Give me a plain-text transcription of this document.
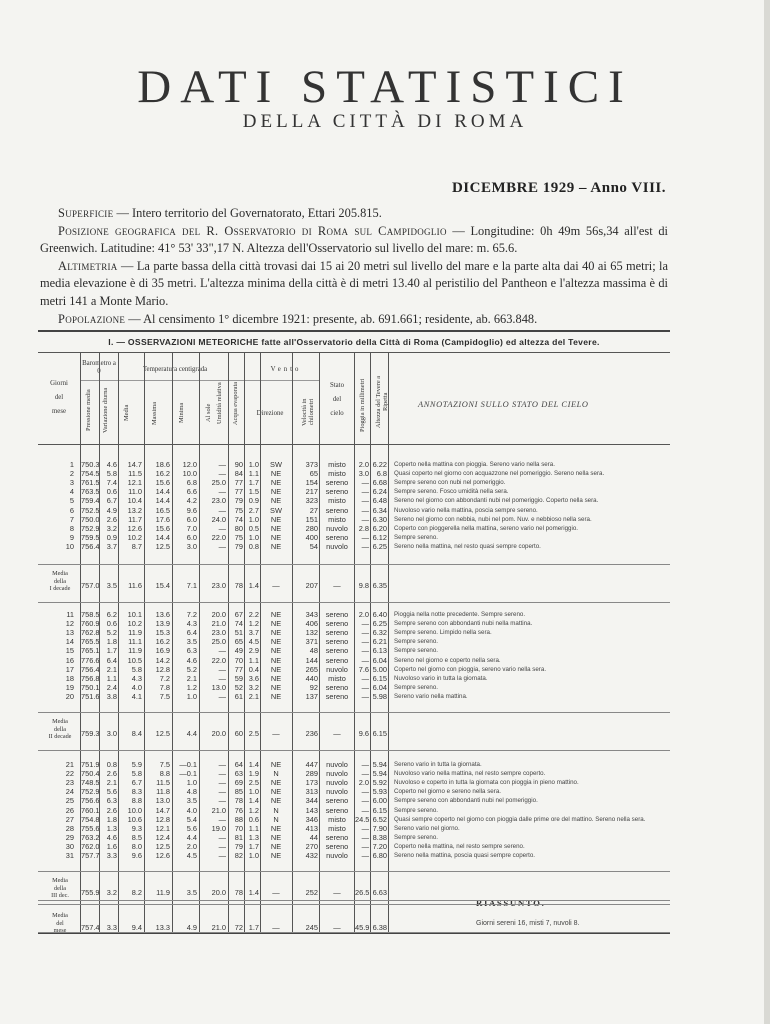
DATI STATISTICI
DELLA CITTÀ DI ROMA
DICEMBRE 1929 – Anno VIII.

Superficie — Intero territorio del Governatorato, Ettari 205.815.

Posizione geografica del R. Osservatorio di Roma sul Campidoglio — Longitudine: 0h 49m 56s,34 all'est di Greenwich. Latitudine: 41° 53' 33",17 N. Altezza dell'Osservatorio sul livello del mare: m. 65.6.

Altimetria — La parte bassa della città trovasi dai 15 ai 20 metri sul livello del mare e la parte alta dai 40 ai 65 metri; la media elevazione è di 35 metri. L'altezza minima della città è di metri 13.40 al peristilio del Pantheon e l'altezza massima è di metri 141 a Monte Mario.

Popolazione — Al censimento 1° dicembre 1921: presente, ab. 691.661; residente, ab. 663.848.

I. — OSSERVAZIONI METEORICHE fatte all'Osservatorio della Città di Roma (Campidoglio) ed altezza del Tevere.
Giorni
del
mese
Barometro a 0
Pressione media Variazione diurna
Temperatura centigrada
Media	Massima	Minima	Al sole Umidità relativa Acqua evaporata
Vento
Direzione	Velocità in chilometri
Stato
del
cielo	Pioggia in millimetri Altezza del Tevere a Ripetta	ANNOTAZIONI SULLO STATO DEL CIELO
RIASSUNTO.
Giorni sereni 16, misti 7, nuvoli 8.
1 750.3 4.6	14.7	18.6	12.0	—	90 1.0	SW	373	misto	2.0 6.22 Coperto nella mattina con pioggia. Sereno vario nella sera.
2 754.5 5.8	11.5	16.2	10.0	—	84 1.1	NE	65	misto	3.0	6.8 Quasi coperto nel giorno con acquazzone nel pomeriggio. Sereno nella sera.
3 761.5 7.4	12.1	15.6	6.8	25.0	77 1.7	NE	154	sereno	— 6.68 Sempre sereno con nubi nel pomeriggio.
4 763.5 0.6	11.0	14.4	6.6	—	77 1.5	NE	217	sereno	— 6.24 Sempre sereno. Fosco umidità nella sera.
5 759.4 6.7	10.4	14.4	4.2	23.0	79 0.9	NE	323	misto	— 6.48 Sereno nel giorno con abbondanti nubi nel pomeriggio. Coperto nella sera.
6 752.5 4.9	13.2	16.5	9.6	—	75 2.7	SW	27	sereno	— 6.34 Nuvoloso vario nella mattina, poscia sempre sereno.
7 750.0 2.6	11.7	17.6	6.0	24.0	74 1.0	NE	151	misto	— 6.30 Sereno nel giorno con nebbia, nubi nel pom. Nuv. e nebbioso nella sera.
8 752.9 3.2	12.6	15.6	7.0	—	80 0.5	NE	280	nuvolo	2.8 6.20 Coperto con pioggerella nella mattina, sereno vario nel pomeriggio.
9 759.5 0.9	10.2	14.4	6.0	22.0	75 1.0	NE	400	sereno	— 6.12 Sempre sereno.
10 756.4 3.7	8.7	12.5	3.0	—	79 0.8	NE	54	nuvolo	— 6.25 Sereno nella mattina, nel resto quasi sempre coperto.
Media
della
I decade	757.0 3.5	11.6	15.4	7.1	23.0	78 1.4	—	207	—	9.8 6.35
11 758.5 6.2	10.1	13.6	7.2	20.0	67 2.2	NE	343	sereno	2.0 6.40 Pioggia nella notte precedente. Sempre sereno.
12 760.9 0.6	10.2	13.9	4.3	21.0	74 1.2	NE	406	sereno	— 6.25 Sempre sereno con abbondanti nubi nella mattina.
13 762.8 5.2	11.9	15.3	6.4	23.0	51 3.7	NE	132	sereno	— 6.32 Sempre sereno. Limpido nella sera.
14 765.5 1.8	11.1	16.2	3.5	25.0	65 4.5	NE	371	sereno	— 6.21 Sempre sereno.
15 765.1 1.7	11.9	16.9	6.3	—	49 2.9	NE	48	sereno	— 6.13 Sempre sereno.
16 776.6 6.4	10.5	14.2	4.6	22.0	70 1.1	NE	144	sereno	— 6.04 Sereno nel giorno e coperto nella sera.
17 756.4 2.1	5.8	12.8	5.2	—	77 0.4	NE	265	nuvolo	7.6 5.00 Coperto nel giorno con pioggia, sereno vario nella sera.
18 756.8 1.1	4.3	7.2	2.1	—	59 3.6	NE	440	misto	— 6.15 Nuvoloso vario in tutta la giornata.
19 750.1 2.4	4.0	7.8	1.2	13.0	52 3.2	NE	92	sereno	— 6.04 Sempre sereno.
20 751.6 3.8	4.1	7.5	1.0	—	61 2.1	NE	137	sereno	— 5.98 Sereno vario nella mattina.
Media
della
II decade	759.3 3.0	8.4	12.5	4.4	20.0	60 2.5	—	236	—	9.6 6.15
21 751.9 0.8	5.9	7.5	—0.1	—	64 1.4	NE	447	nuvolo	— 5.94 Sereno vario in tutta la giornata.
22 750.4 2.6	5.8	8.8	—0.1	—	63 1.9	N	289	nuvolo	— 5.94 Nuvoloso vario nella mattina, nel resto sempre coperto.
23 748.5 2.1	6.7	11.5	1.0	—	69 2.5	NE	173	nuvolo	2.0 5.92 Nuvoloso e coperto in tutta la giornata con pioggia in pieno mattino.
24 752.9 5.6	8.3	11.8	4.8	—	85 1.0	NE	313	nuvolo	— 5.93 Coperto nel giorno e sereno nella sera.
25 756.6 6.3	8.8	13.0	3.5	—	78 1.4	NE	344	sereno	— 6.00 Sempre sereno con abbondanti nubi nel pomeriggio.
26 760.1 2.6	10.0	14.7	4.0	21.0	76 1.2	N	143	sereno	— 6.15 Sempre sereno.
27 754.8 1.8	10.6	12.8	5.4	—	88 0.6	N	346	misto	24.5 6.52 Quasi sempre coperto nel giorno con pioggia dalle prime ore del mattino. Sereno nella sera.
28 755.6 1.3	9.3	12.1	5.6	19.0	70 1.1	NE	413	misto	— 7.90 Sereno vario nel giorno.
29 763.2 4.6	8.5	12.4	4.4	—	81 1.3	NE	44	sereno	— 8.38 Sempre sereno.
30 762.0 1.6	8.0	12.5	2.0	—	79 1.7	NE	270	sereno	— 7.20 Coperto nella mattina, nel resto sempre sereno.
31 757.7 3.3	9.6	12.6	4.5	—	82 1.0	NE	432	nuvolo	— 6.80 Sereno nella mattina, poscia quasi sempre coperto.
Media
della
III dec.	755.9 3.2	8.2	11.9	3.5	20.0	78 1.4	—	252	—	26.5 6.63
Media
del
mese	757.4 3.3	9.4	13.3	4.9	21.0	72 1.7	—	245	—	45.9 6.38
